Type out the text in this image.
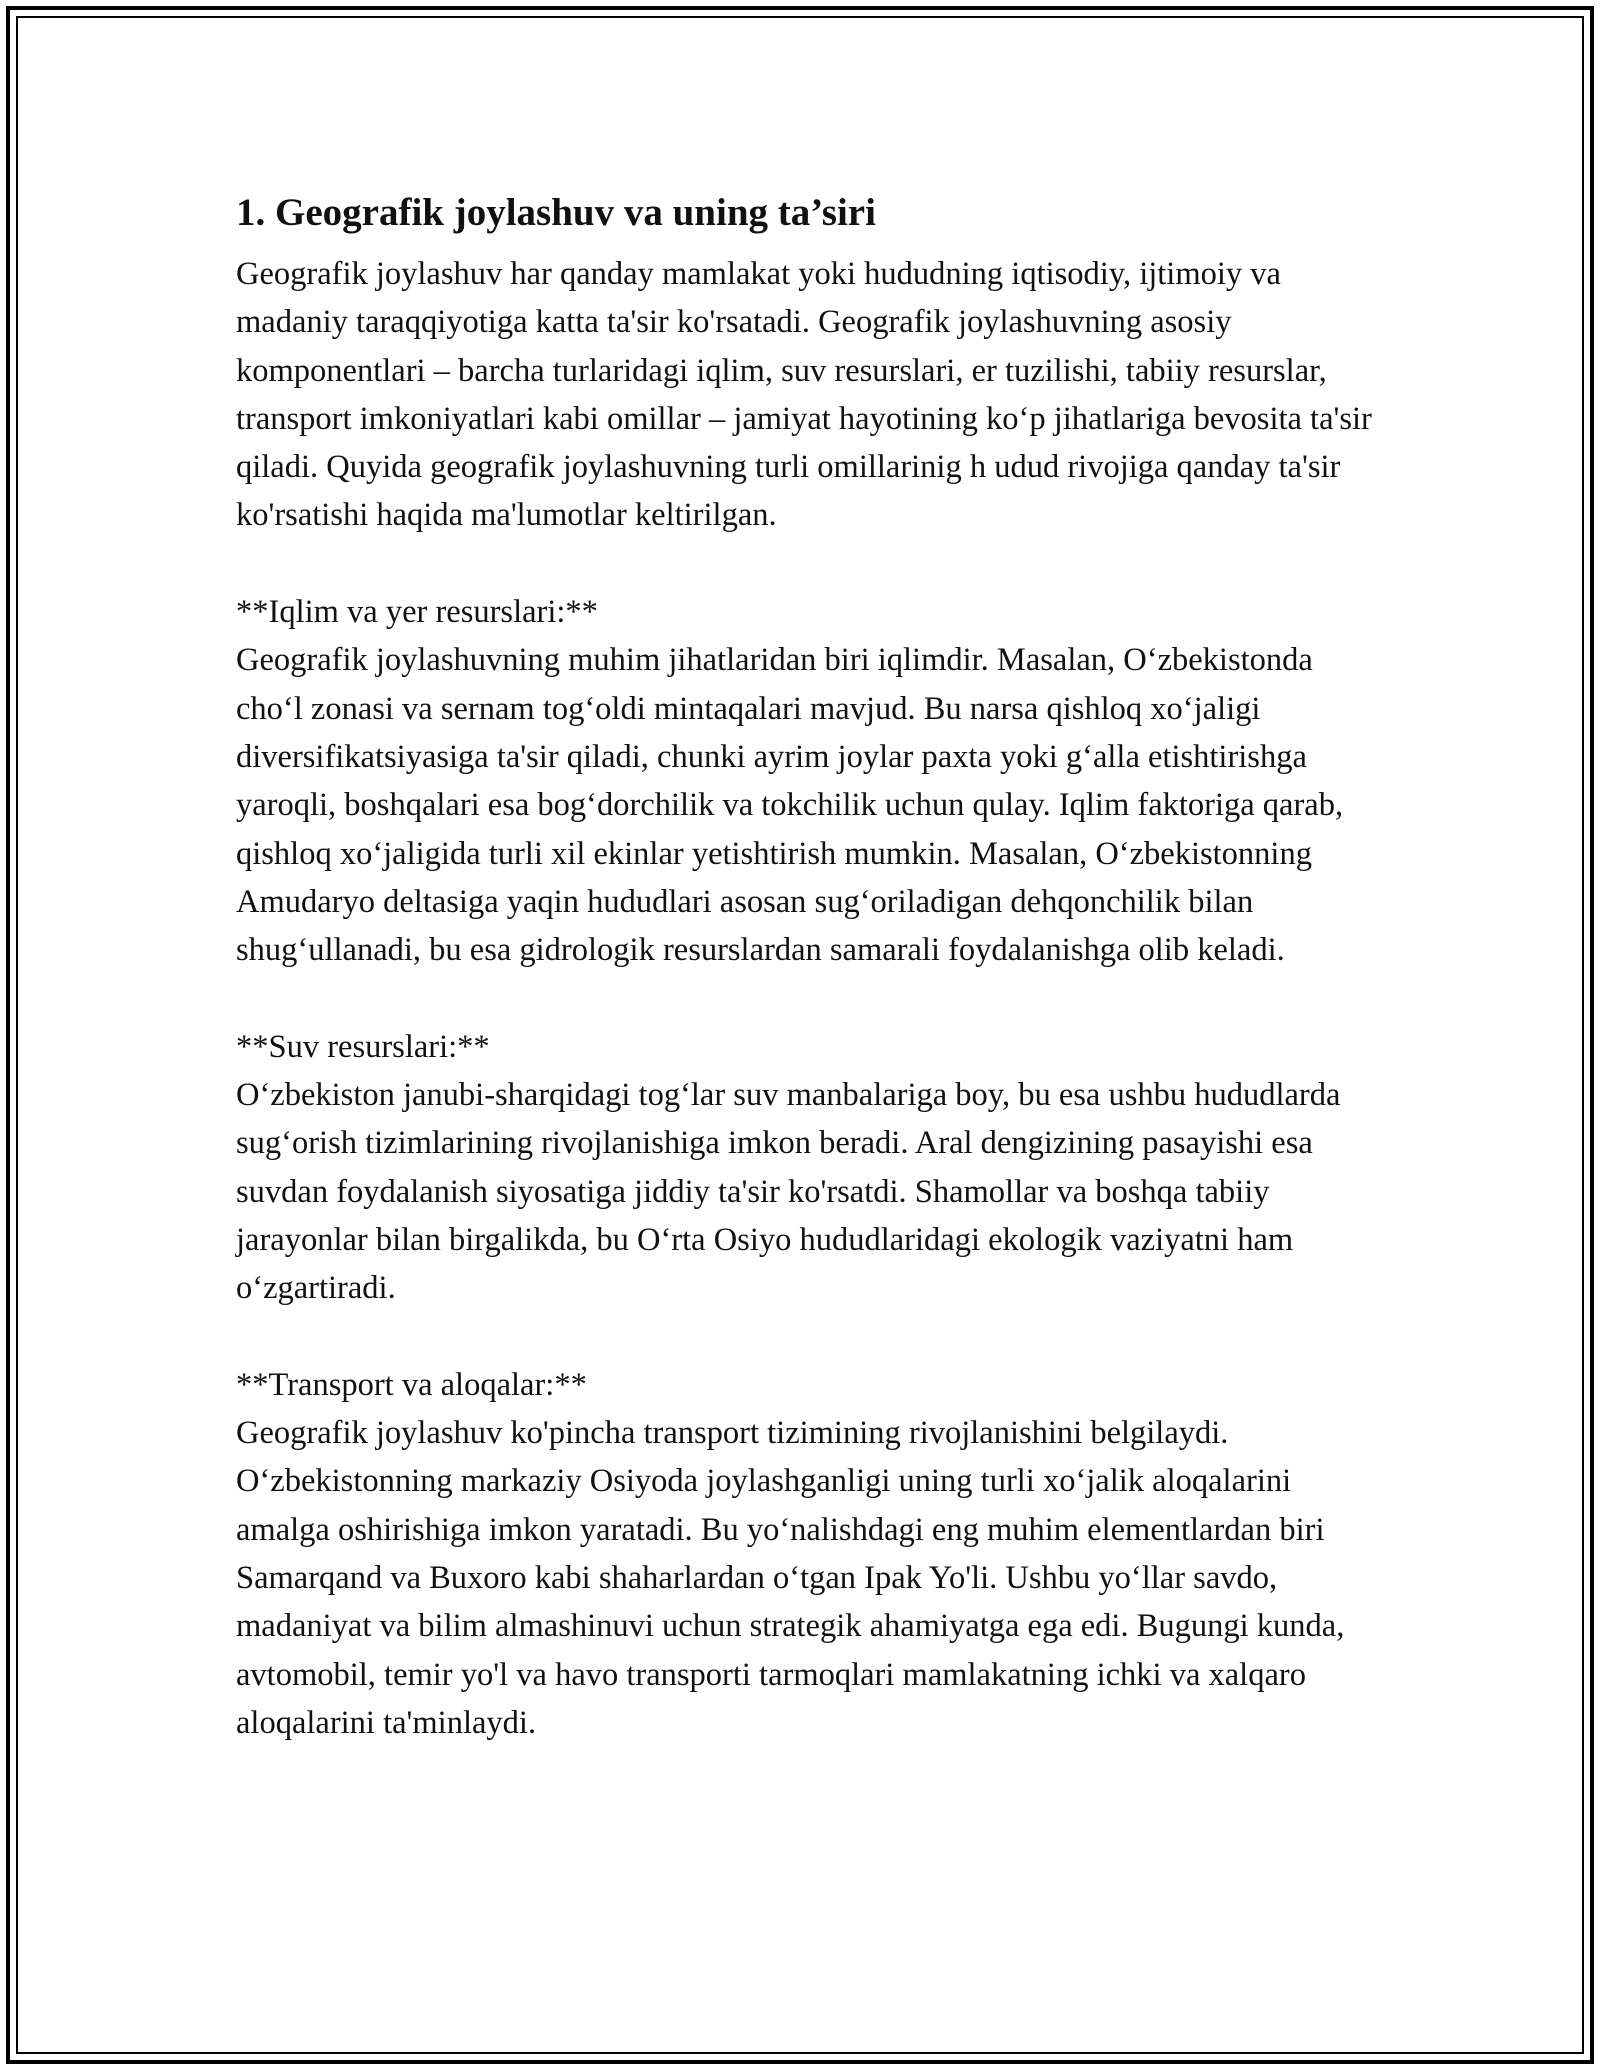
1. Geografik joylashuv va uning ta’siri

Geografik joylashuv har qanday mamlakat yoki hududning iqtisodiy, ijtimoiy va madaniy taraqqiyotiga katta ta'sir ko'rsatadi. Geografik joylashuvning asosiy komponentlari – barcha turlaridagi iqlim, suv resurslari, er tuzilishi, tabiiy resurslar, transport imkoniyatlari kabi omillar – jamiyat hayotining ko‘p jihatlariga bevosita ta'sir qiladi. Quyida geografik joylashuvning turli omillarinig h udud rivojiga qanday ta'sir ko'rsatishi haqida ma'lumotlar keltirilgan.

**Iqlim va yer resurslari:**

Geografik joylashuvning muhim jihatlaridan biri iqlimdir. Masalan, O‘zbekistonda cho‘l zonasi va sernam tog‘oldi mintaqalari mavjud. Bu narsa qishloq xo‘jaligi diversifikatsiyasiga ta'sir qiladi, chunki ayrim joylar paxta yoki g‘alla etishtirishga yaroqli, boshqalari esa bog‘dorchilik va tokchilik uchun qulay. Iqlim faktoriga qarab, qishloq xo‘jaligida turli xil ekinlar yetishtirish mumkin. Masalan, O‘zbekistonning Amudaryo deltasiga yaqin hududlari asosan sug‘oriladigan dehqonchilik bilan shug‘ullanadi, bu esa gidrologik resurslardan samarali foydalanishga olib keladi.

**Suv resurslari:**

O‘zbekiston janubi-sharqidagi tog‘lar suv manbalariga boy, bu esa ushbu hududlarda sug‘orish tizimlarining rivojlanishiga imkon beradi. Aral dengizining pasayishi esa suvdan foydalanish siyosatiga jiddiy ta'sir ko'rsatdi. Shamollar va boshqa tabiiy jarayonlar bilan birgalikda, bu O‘rta Osiyo hududlaridagi ekologik vaziyatni ham o‘zgartiradi.

**Transport va aloqalar:**

Geografik joylashuv ko'pincha transport tizimining rivojlanishini belgilaydi. O‘zbekistonning markaziy Osiyoda joylashganligi uning turli xo‘jalik aloqalarini amalga oshirishiga imkon yaratadi. Bu yo‘nalishdagi eng muhim elementlardan biri Samarqand va Buxoro kabi shaharlardan o‘tgan Ipak Yo'li. Ushbu yo‘llar savdo, madaniyat va bilim almashinuvi uchun strategik ahamiyatga ega edi. Bugungi kunda, avtomobil, temir yo'l va havo transporti tarmoqlari mamlakatning ichki va xalqaro aloqalarini ta'minlaydi.
